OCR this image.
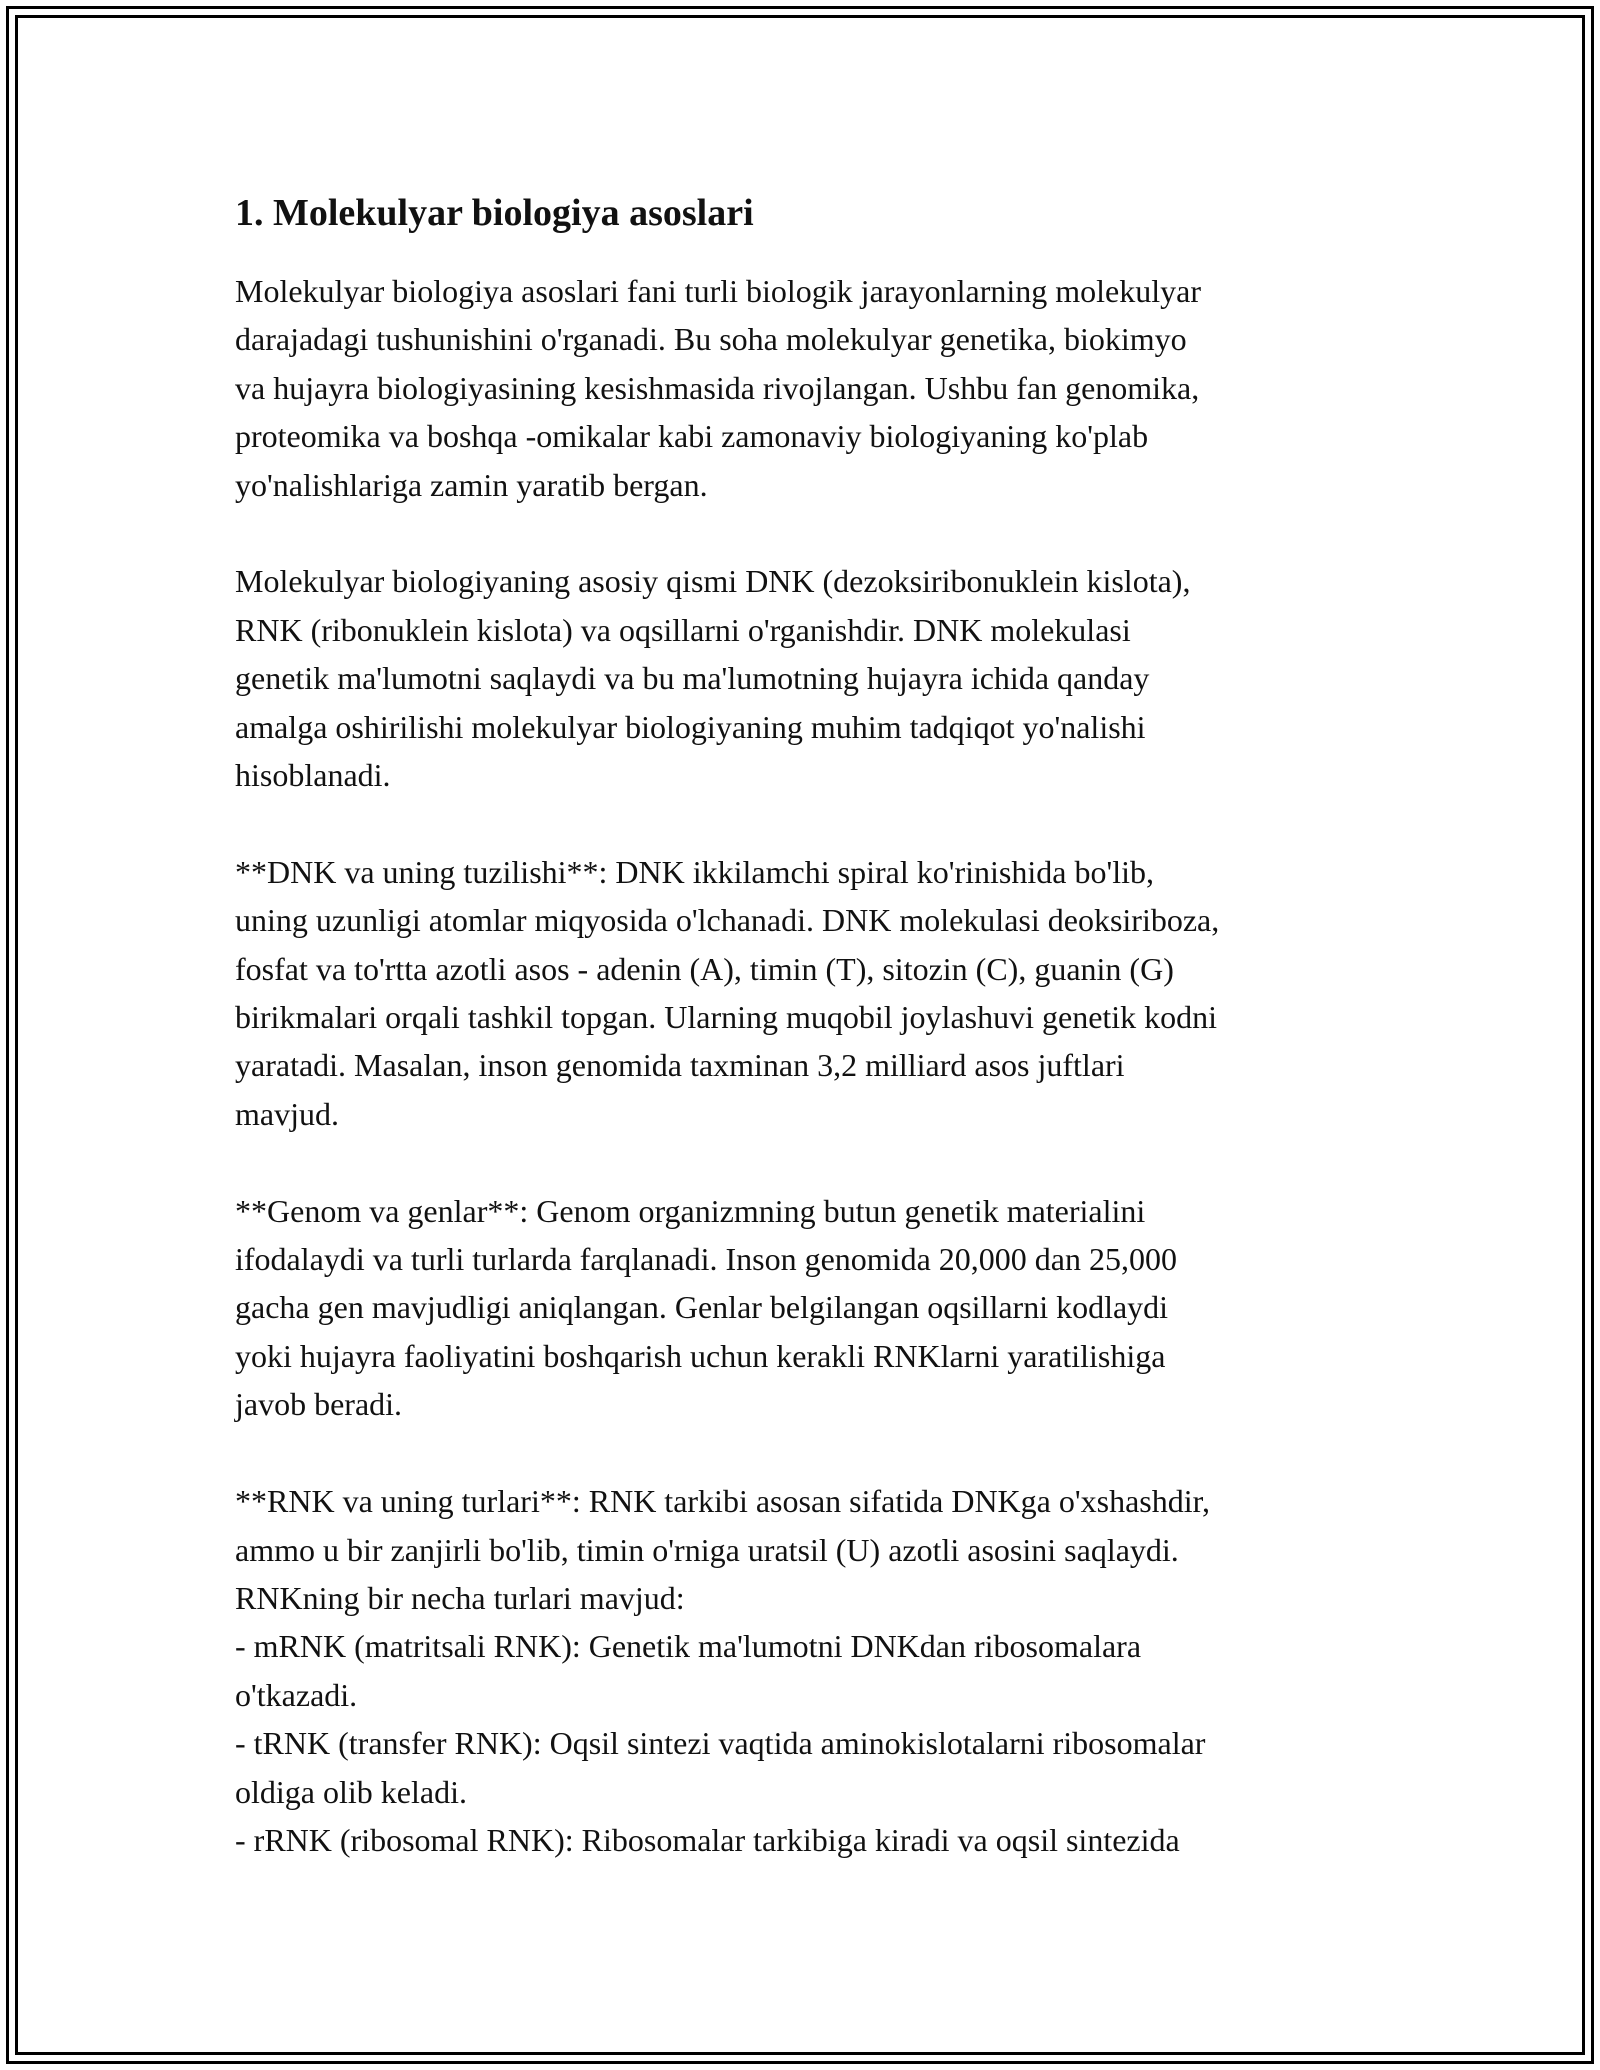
1. Molekulyar biologiya asoslari

Molekulyar biologiya asoslari fani turli biologik jarayonlarning molekulyar
darajadagi tushunishini o'rganadi. Bu soha molekulyar genetika, biokimyo
va hujayra biologiyasining kesishmasida rivojlangan. Ushbu fan genomika,
proteomika va boshqa -omikalar kabi zamonaviy biologiyaning ko'plab
yo'nalishlariga zamin yaratib bergan.

Molekulyar biologiyaning asosiy qismi DNK (dezoksiribonuklein kislota),
RNK (ribonuklein kislota) va oqsillarni o'rganishdir. DNK molekulasi
genetik ma'lumotni saqlaydi va bu ma'lumotning hujayra ichida qanday
amalga oshirilishi molekulyar biologiyaning muhim tadqiqot yo'nalishi
hisoblanadi.

**DNK va uning tuzilishi**: DNK ikkilamchi spiral ko'rinishida bo'lib,
uning uzunligi atomlar miqyosida o'lchanadi. DNK molekulasi deoksiriboza,
fosfat va to'rtta azotli asos - adenin (A), timin (T), sitozin (C), guanin (G)
birikmalari orqali tashkil topgan. Ularning muqobil joylashuvi genetik kodni
yaratadi. Masalan, inson genomida taxminan 3,2 milliard asos juftlari
mavjud.

**Genom va genlar**: Genom organizmning butun genetik materialini
ifodalaydi va turli turlarda farqlanadi. Inson genomida 20,000 dan 25,000
gacha gen mavjudligi aniqlangan. Genlar belgilangan oqsillarni kodlaydi
yoki hujayra faoliyatini boshqarish uchun kerakli RNKlarni yaratilishiga
javob beradi.

**RNK va uning turlari**: RNK tarkibi asosan sifatida DNKga o'xshashdir,
ammo u bir zanjirli bo'lib, timin o'rniga uratsil (U) azotli asosini saqlaydi.
RNKning bir necha turlari mavjud:
- mRNK (matritsali RNK): Genetik ma'lumotni DNKdan ribosomalara
o'tkazadi.
- tRNK (transfer RNK): Oqsil sintezi vaqtida aminokislotalarni ribosomalar
oldiga olib keladi.
- rRNK (ribosomal RNK): Ribosomalar tarkibiga kiradi va oqsil sintezida
